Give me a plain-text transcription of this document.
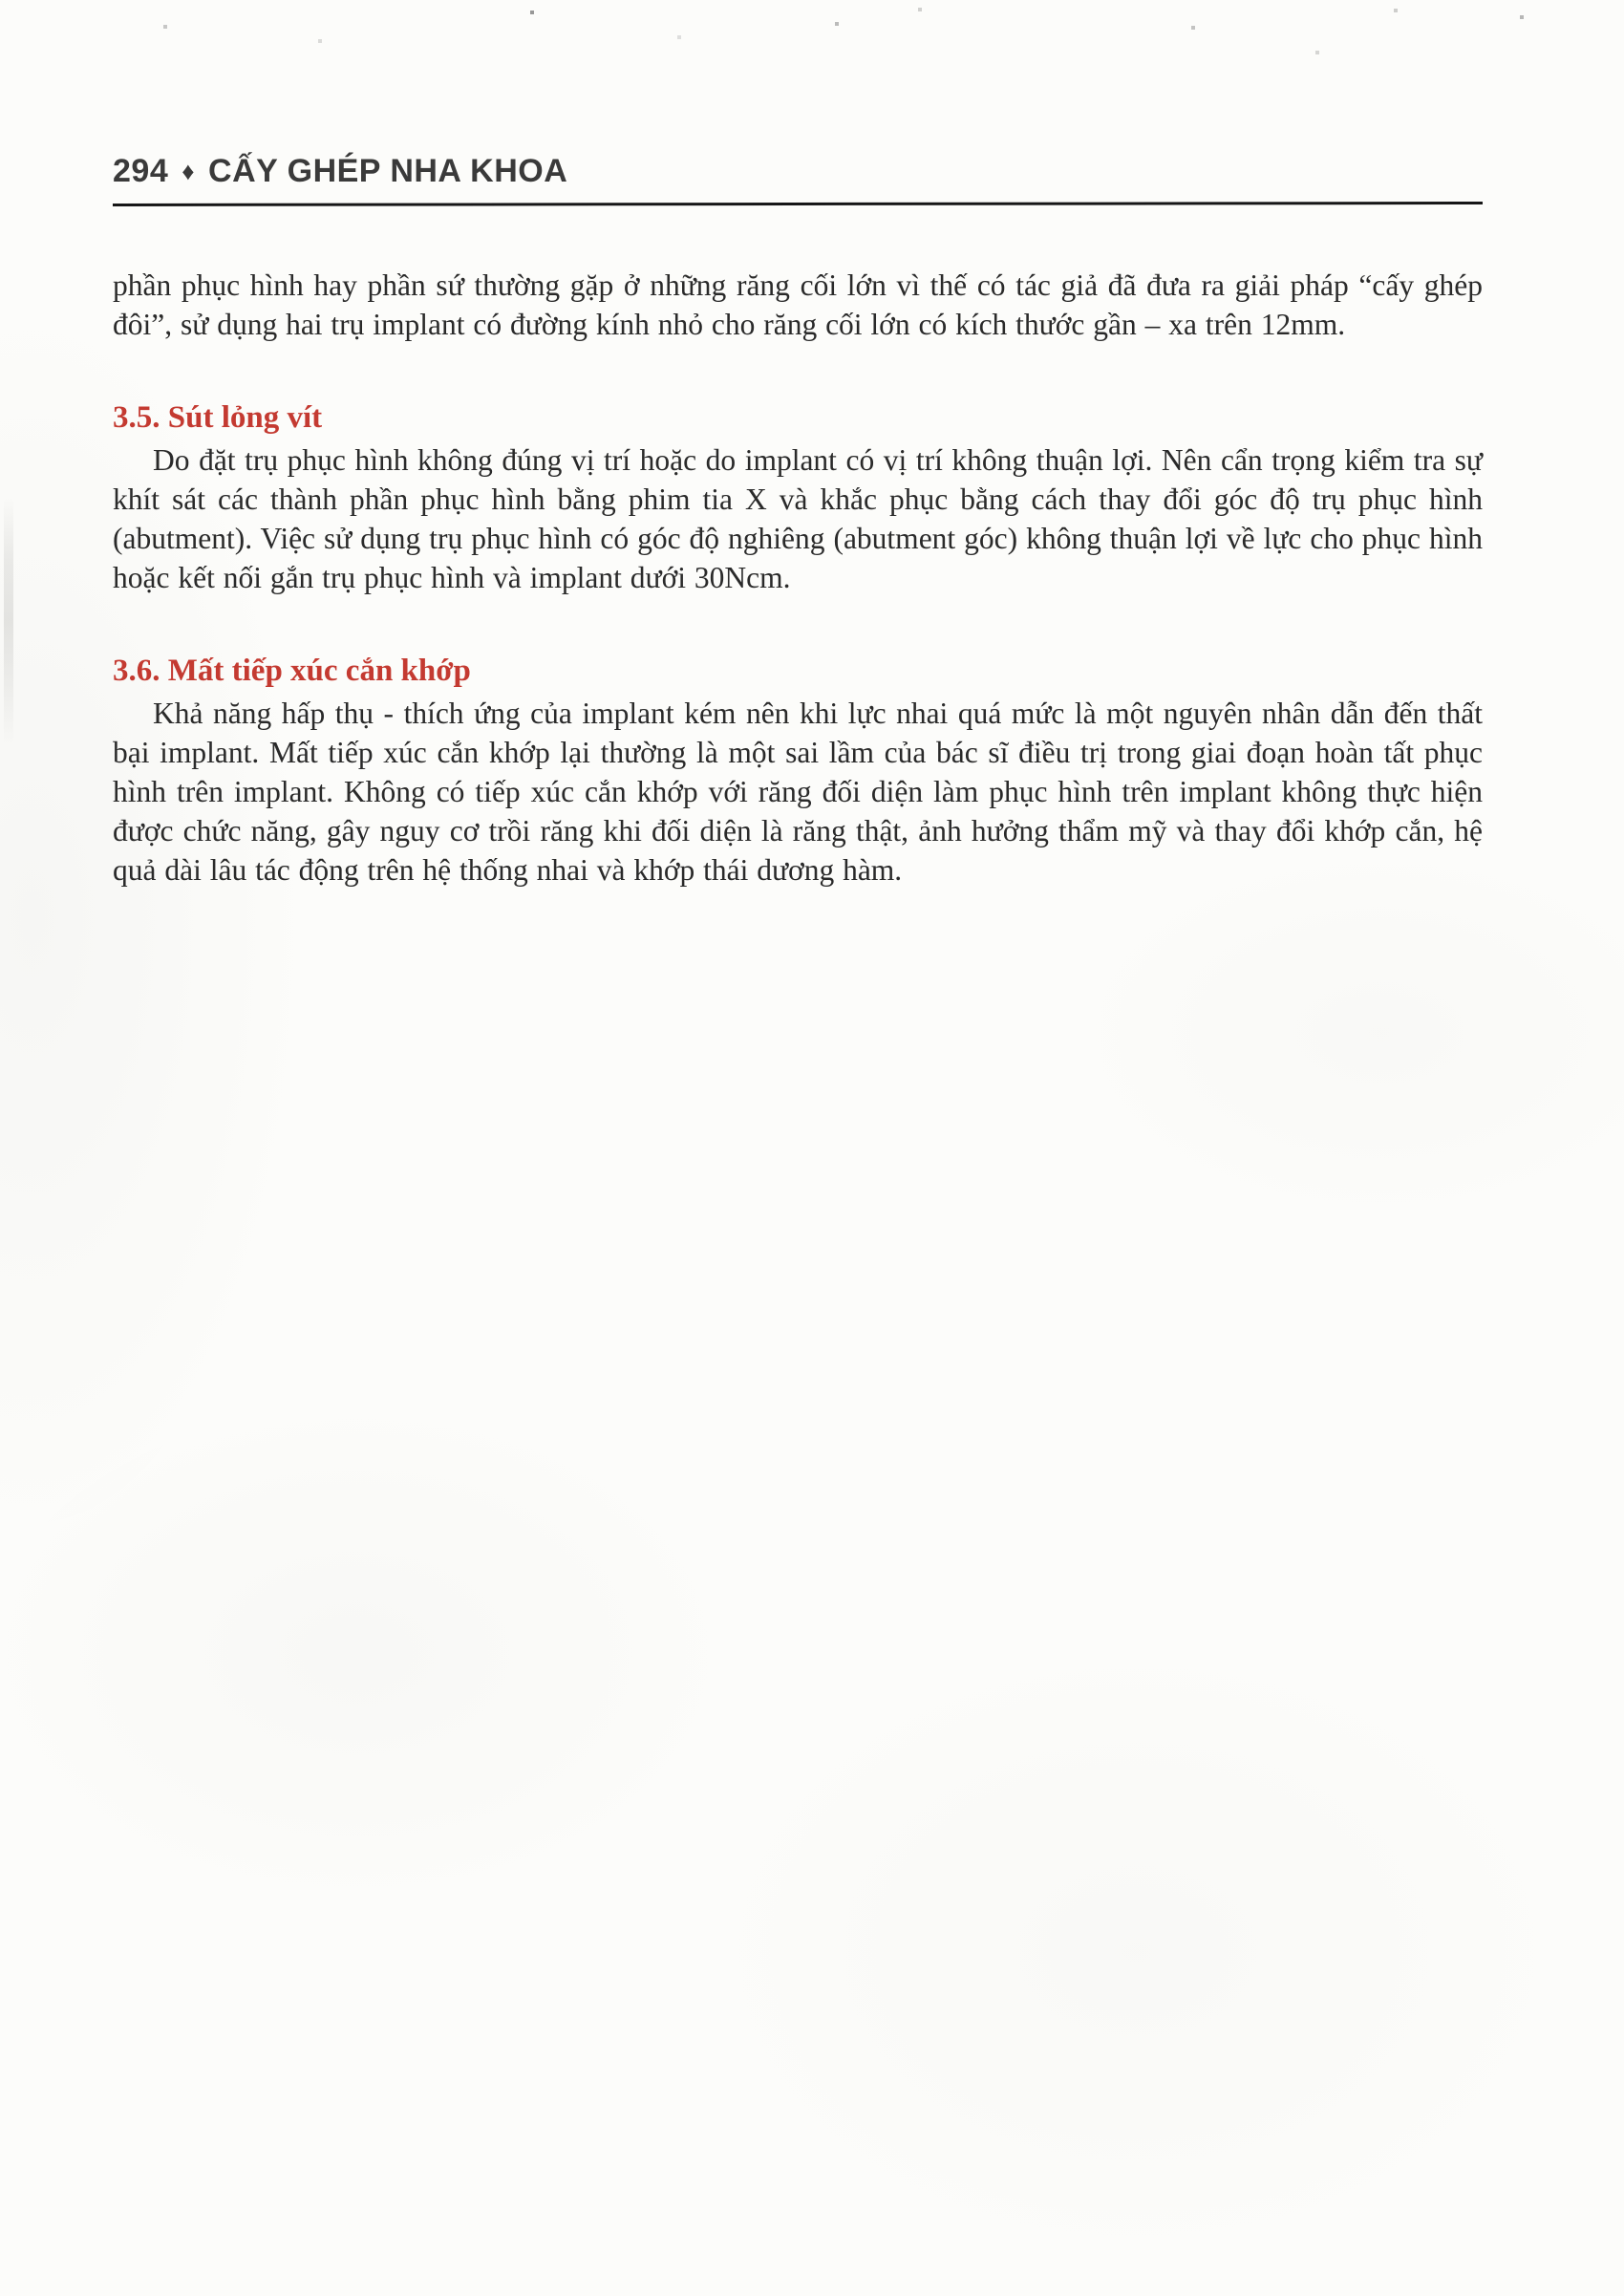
294 ♦ CẤY GHÉP NHA KHOA

phần phục hình hay phần sứ thường gặp ở những răng cối lớn vì thế có tác giả đã đưa ra giải pháp “cấy ghép đôi”, sử dụng hai trụ implant có đường kính nhỏ cho răng cối lớn có kích thước gần – xa trên 12mm.

3.5. Sút lỏng vít

Do đặt trụ phục hình không đúng vị trí hoặc do implant có vị trí không thuận lợi. Nên cẩn trọng kiểm tra sự khít sát các thành phần phục hình bằng phim tia X và khắc phục bằng cách thay đổi góc độ trụ phục hình (abutment). Việc sử dụng trụ phục hình có góc độ nghiêng (abutment góc) không thuận lợi về lực cho phục hình hoặc kết nối gắn trụ phục hình và implant dưới 30Ncm.

3.6. Mất tiếp xúc cắn khớp

Khả năng hấp thụ - thích ứng của implant kém nên khi lực nhai quá mức là một nguyên nhân dẫn đến thất bại implant. Mất tiếp xúc cắn khớp lại thường là một sai lầm của bác sĩ điều trị trong giai đoạn hoàn tất phục hình trên implant. Không có tiếp xúc cắn khớp với răng đối diện làm phục hình trên implant không thực hiện được chức năng, gây nguy cơ trồi răng khi đối diện là răng thật, ảnh hưởng thẩm mỹ và thay đổi khớp cắn, hệ quả dài lâu tác động trên hệ thống nhai và khớp thái dương hàm.
